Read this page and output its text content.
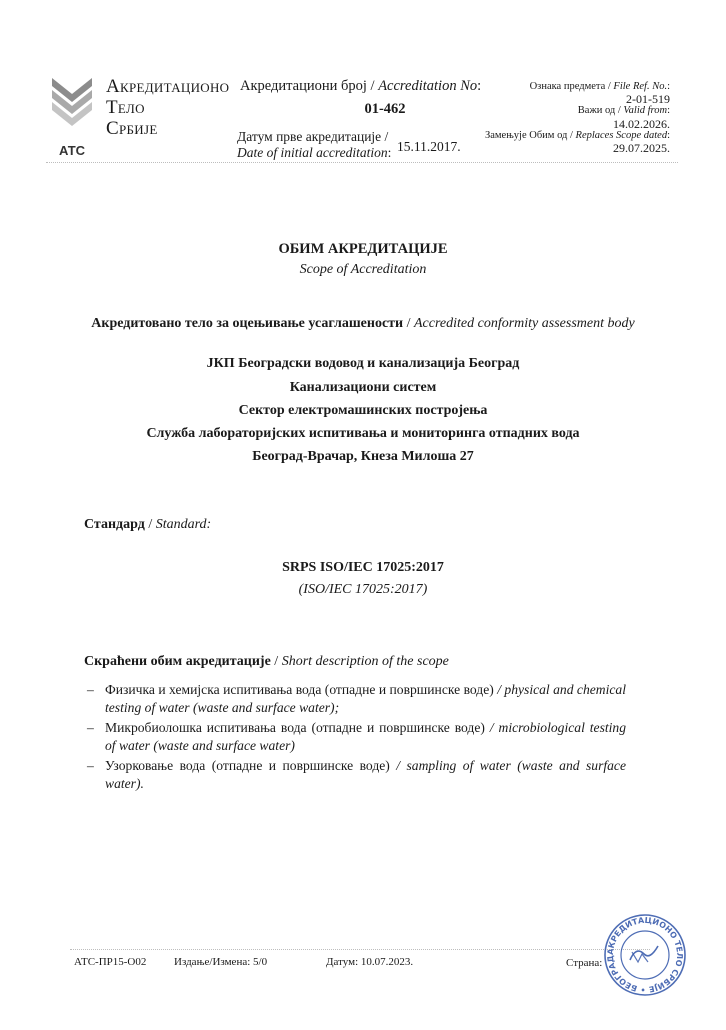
АТС
Акредитационо
Тело
Србије
Акредитациони број / Accreditation No:
01-462
Датум прве акредитације /
Date of initial accreditation: 15.11.2017.
Ознака предмета / File Ref. No.:
2-01-519
Важи од / Valid from:
14.02.2026.
Замењује Обим од / Replaces Scope dated:
29.07.2025.
ОБИМ АКРЕДИТАЦИЈЕ
Scope of Accreditation
Акредитовано тело за оцењивање усаглашености / Accredited conformity assessment body
ЈКП Београдски водовод и канализација Београд
Канализациони систем
Сектор електромашинских постројења
Служба лабораторијских испитивања и мониторинга отпадних вода
Београд-Врачар, Кнеза Милоша 27
Стандард / Standard:
SRPS ISO/IEC 17025:2017
(ISO/IEC 17025:2017)
Скраћени обим акредитације / Short description of the scope
– Физичка и хемијска испитивања вода (отпадне и површинске воде) / physical and chemical testing of water (waste and surface water);
– Микробиолошка испитивања вода (отпадне и површинске воде) / microbiological testing of water (waste and surface water)
– Узорковање вода (отпадне и површинске воде) / sampling of water (waste and surface water).
АТС-ПР15-О02	Издање/Измена: 5/0	Датум: 10.07.2023.	Страна:
АКРЕДИТАЦИОНО ТЕЛО СРБИЈЕ • БЕОГРАД
